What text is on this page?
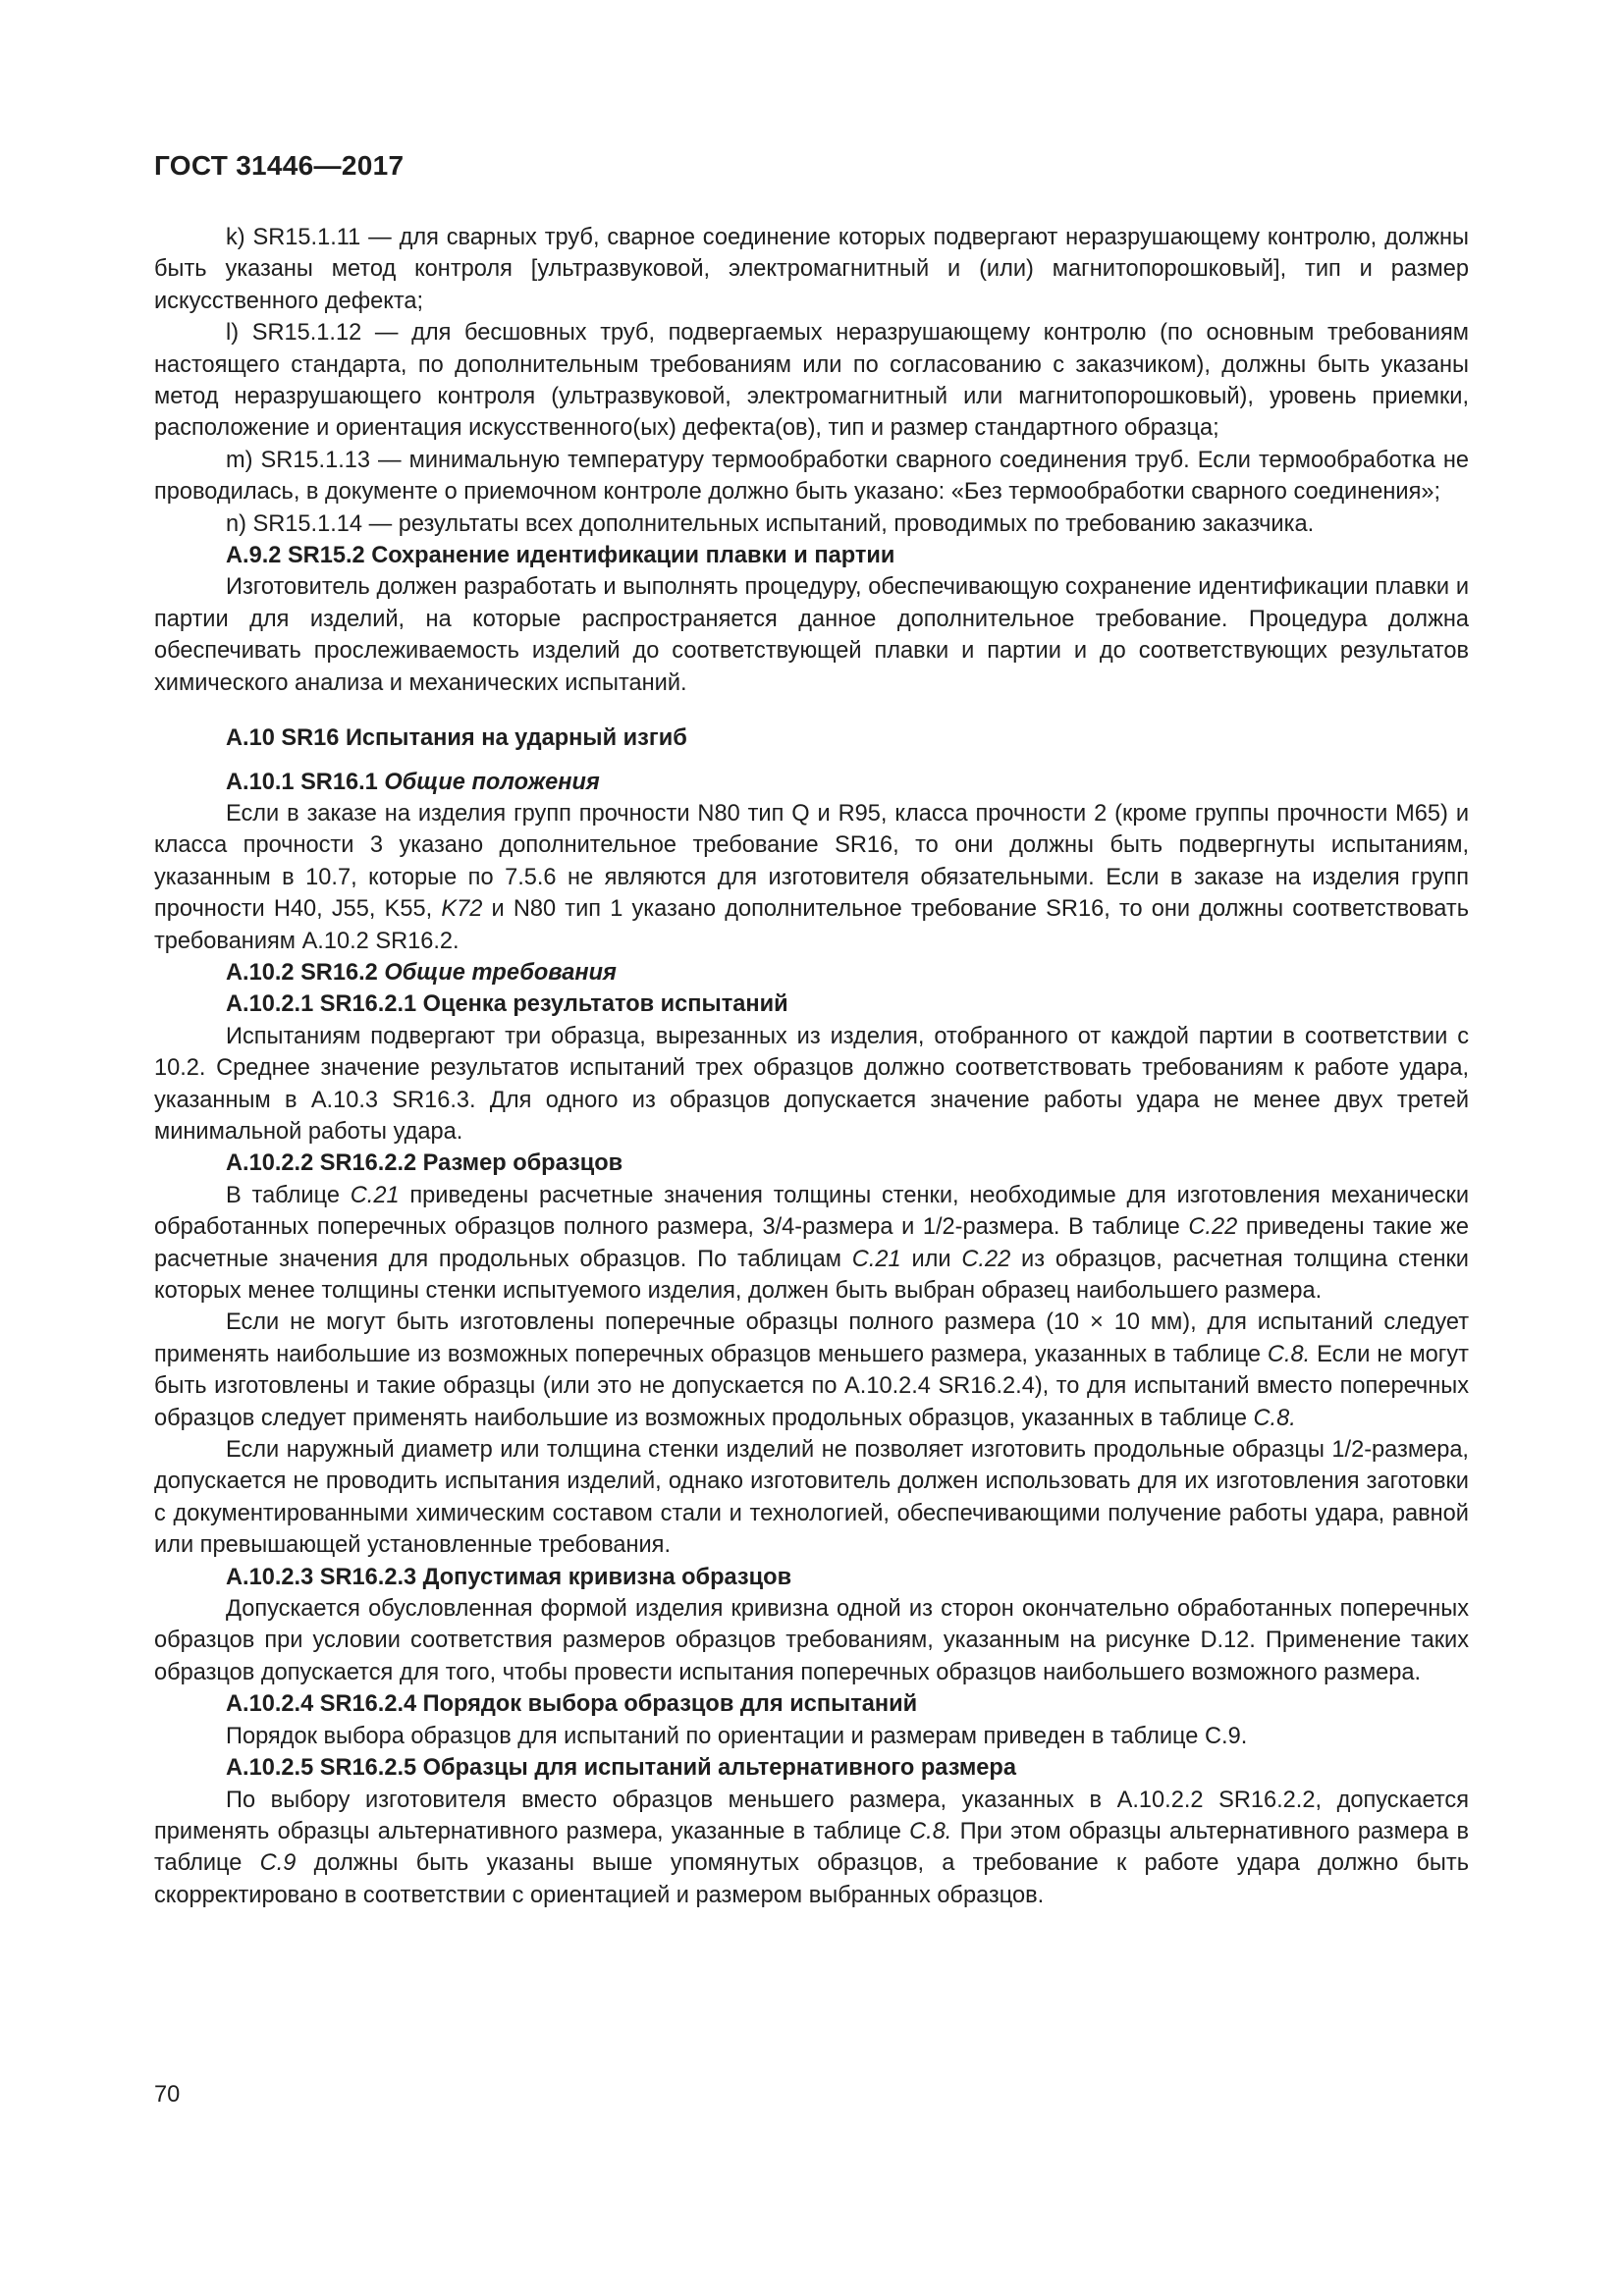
ГОСТ 31446—2017

k) SR15.1.11 — для сварных труб, сварное соединение которых подвергают неразрушающему контролю, должны быть указаны метод контроля [ультразвуковой, электромагнитный и (или) магнитопорошковый], тип и размер искусственного дефекта;

l) SR15.1.12 — для бесшовных труб, подвергаемых неразрушающему контролю (по основным требованиям настоящего стандарта, по дополнительным требованиям или по согласованию с заказчиком), должны быть указаны метод неразрушающего контроля (ультразвуковой, электромагнитный или магнитопорошковый), уровень приемки, расположение и ориентация искусственного(ых) дефекта(ов), тип и размер стандартного образца;

m) SR15.1.13 — минимальную температуру термообработки сварного соединения труб. Если термообработка не проводилась, в документе о приемочном контроле должно быть указано: «Без термообработки сварного соединения»;

n) SR15.1.14 — результаты всех дополнительных испытаний, проводимых по требованию заказчика.

А.9.2 SR15.2 Сохранение идентификации плавки и партии

Изготовитель должен разработать и выполнять процедуру, обеспечивающую сохранение идентификации плавки и партии для изделий, на которые распространяется данное дополнительное требование. Процедура должна обеспечивать прослеживаемость изделий до соответствующей плавки и партии и до соответствующих результатов химического анализа и механических испытаний.

А.10 SR16 Испытания на ударный изгиб

А.10.1 SR16.1 Общие положения

Если в заказе на изделия групп прочности N80 тип Q и R95, класса прочности 2 (кроме группы прочности M65) и класса прочности 3 указано дополнительное требование SR16, то они должны быть подвергнуты испытаниям, указанным в 10.7, которые по 7.5.6 не являются для изготовителя обязательными. Если в заказе на изделия групп прочности H40, J55, K55, K72 и N80 тип 1 указано дополнительное требование SR16, то они должны соответствовать требованиям А.10.2 SR16.2.

А.10.2 SR16.2 Общие требования

А.10.2.1 SR16.2.1 Оценка результатов испытаний

Испытаниям подвергают три образца, вырезанных из изделия, отобранного от каждой партии в соответствии с 10.2. Среднее значение результатов испытаний трех образцов должно соответствовать требованиям к работе удара, указанным в А.10.3 SR16.3. Для одного из образцов допускается значение работы удара не менее двух третей минимальной работы удара.

А.10.2.2 SR16.2.2 Размер образцов

В таблице С.21 приведены расчетные значения толщины стенки, необходимые для изготовления механически обработанных поперечных образцов полного размера, 3/4-размера и 1/2-размера. В таблице С.22 приведены такие же расчетные значения для продольных образцов. По таблицам С.21 или С.22 из образцов, расчетная толщина стенки которых менее толщины стенки испытуемого изделия, должен быть выбран образец наибольшего размера.

Если не могут быть изготовлены поперечные образцы полного размера (10 × 10 мм), для испытаний следует применять наибольшие из возможных поперечных образцов меньшего размера, указанных в таблице С.8. Если не могут быть изготовлены и такие образцы (или это не допускается по А.10.2.4 SR16.2.4), то для испытаний вместо поперечных образцов следует применять наибольшие из возможных продольных образцов, указанных в таблице С.8.

Если наружный диаметр или толщина стенки изделий не позволяет изготовить продольные образцы 1/2-размера, допускается не проводить испытания изделий, однако изготовитель должен использовать для их изготовления заготовки с документированными химическим составом стали и технологией, обеспечивающими получение работы удара, равной или превышающей установленные требования.

А.10.2.3 SR16.2.3 Допустимая кривизна образцов

Допускается обусловленная формой изделия кривизна одной из сторон окончательно обработанных поперечных образцов при условии соответствия размеров образцов требованиям, указанным на рисунке D.12. Применение таких образцов допускается для того, чтобы провести испытания поперечных образцов наибольшего возможного размера.

А.10.2.4 SR16.2.4 Порядок выбора образцов для испытаний

Порядок выбора образцов для испытаний по ориентации и размерам приведен в таблице С.9.

А.10.2.5 SR16.2.5 Образцы для испытаний альтернативного размера

По выбору изготовителя вместо образцов меньшего размера, указанных в А.10.2.2 SR16.2.2, допускается применять образцы альтернативного размера, указанные в таблице С.8. При этом образцы альтернативного размера в таблице С.9 должны быть указаны выше упомянутых образцов, а требование к работе удара должно быть скорректировано в соответствии с ориентацией и размером выбранных образцов.

70
